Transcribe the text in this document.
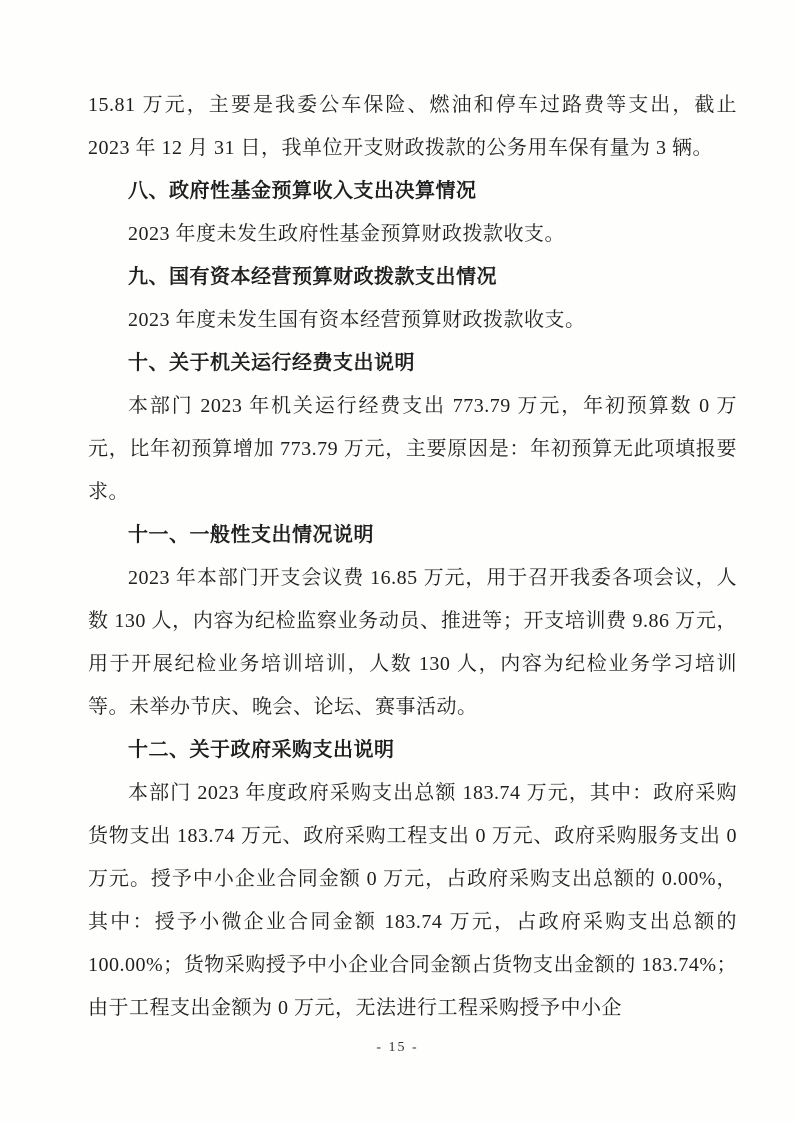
15.81 万元，主要是我委公车保险、燃油和停车过路费等支出，截止 2023 年 12 月 31 日，我单位开支财政拨款的公务用车保有量为 3 辆。

八、政府性基金预算收入支出决算情况

2023 年度未发生政府性基金预算财政拨款收支。

九、国有资本经营预算财政拨款支出情况

2023 年度未发生国有资本经营预算财政拨款收支。

十、关于机关运行经费支出说明

本部门 2023 年机关运行经费支出 773.79 万元，年初预算数 0 万元，比年初预算增加 773.79 万元，主要原因是：年初预算无此项填报要求。

十一、一般性支出情况说明

2023 年本部门开支会议费 16.85 万元，用于召开我委各项会议，人数 130 人，内容为纪检监察业务动员、推进等；开支培训费 9.86 万元，用于开展纪检业务培训培训，人数 130 人，内容为纪检业务学习培训等。未举办节庆、晚会、论坛、赛事活动。

十二、关于政府采购支出说明

本部门 2023 年度政府采购支出总额 183.74 万元，其中：政府采购货物支出 183.74 万元、政府采购工程支出 0 万元、政府采购服务支出 0 万元。授予中小企业合同金额 0 万元，占政府采购支出总额的 0.00%，其中：授予小微企业合同金额 183.74 万元，占政府采购支出总额的 100.00%；货物采购授予中小企业合同金额占货物支出金额的 183.74%；由于工程支出金额为 0 万元，无法进行工程采购授予中小企

- 15 -
